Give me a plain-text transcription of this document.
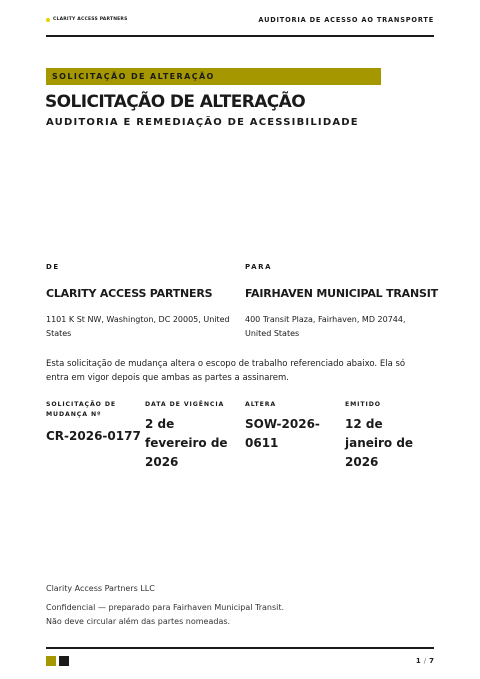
CLARITY ACCESS PARTNERS	AUDITORIA DE ACESSO AO TRANSPORTE
SOLICITAÇÃO DE ALTERAÇÃO
SOLICITAÇÃO DE ALTERAÇÃO
AUDITORIA E REMEDIAÇÃO DE ACESSIBILIDADE
DE
CLARITY ACCESS PARTNERS
1101 K St NW, Washington, DC 20005, United States
PARA
FAIRHAVEN MUNICIPAL TRANSIT
400 Transit Plaza, Fairhaven, MD 20744, United States
Esta solicitação de mudança altera o escopo de trabalho referenciado abaixo. Ela só entra em vigor depois que ambas as partes a assinarem.
SOLICITAÇÃO DE MUDANÇA Nº
CR-2026-0177
DATA DE VIGÊNCIA
2 de fevereiro de 2026
ALTERA
SOW-2026-0611
EMITIDO
12 de janeiro de 2026
Clarity Access Partners LLC
Confidencial — preparado para Fairhaven Municipal Transit. Não deve circular além das partes nomeadas.
1 / 7
